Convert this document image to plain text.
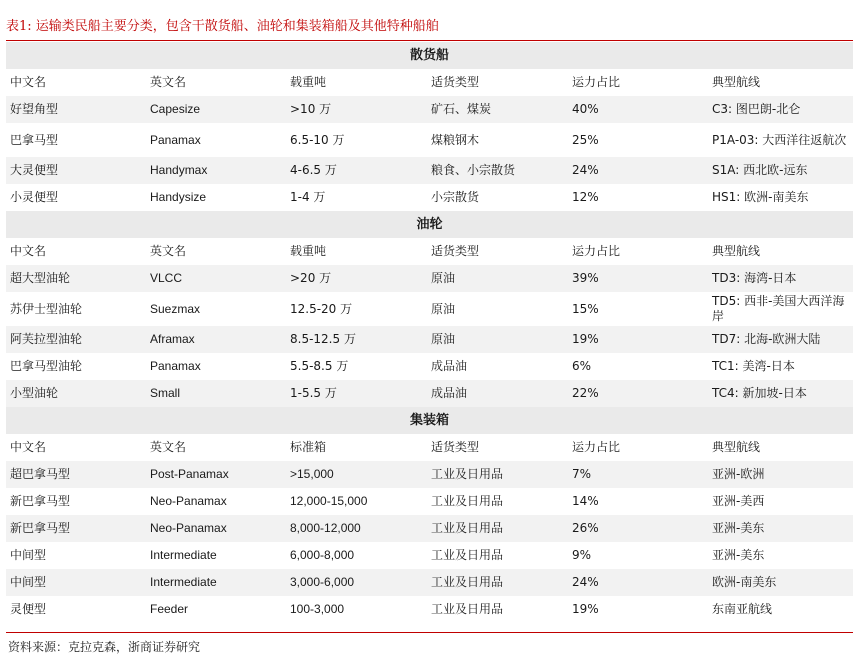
表1: 运输类民船主要分类，包含干散货船、油轮和集装箱船及其他特种船舶
散货船					
中文名	英文名	载重吨	适货类型	运力占比	典型航线
好望角型	Capesize	>10 万	矿石、煤炭	40%	C3: 图巴朗-北仑
巴拿马型	Panamax	6.5-10 万	煤粮钢木	25%	P1A-03: 大西洋往返航次
大灵便型	Handymax	4-6.5 万	粮食、小宗散货	24%	S1A: 西北欧-远东
小灵便型	Handysize	1-4 万	小宗散货	12%	HS1: 欧洲-南美东
油轮					
中文名	英文名	载重吨	适货类型	运力占比	典型航线
超大型油轮	VLCC	>20 万	原油	39%	TD3: 海湾-日本
苏伊士型油轮	Suezmax	12.5-20 万	原油	15%	TD5: 西非-美国大西洋海岸
阿芙拉型油轮	Aframax	8.5-12.5 万	原油	19%	TD7: 北海-欧洲大陆
巴拿马型油轮	Panamax	5.5-8.5 万	成品油	6%	TC1: 美湾-日本
小型油轮	Small	1-5.5 万	成品油	22%	TC4: 新加坡-日本
集装箱					
中文名	英文名	标准箱	适货类型	运力占比	典型航线
超巴拿马型	Post-Panamax	>15,000	工业及日用品	7%	亚洲-欧洲
新巴拿马型	Neo-Panamax	12,000-15,000	工业及日用品	14%	亚洲-美西
新巴拿马型	Neo-Panamax	8,000-12,000	工业及日用品	26%	亚洲-美东
中间型	Intermediate	6,000-8,000	工业及日用品	9%	亚洲-美东
中间型	Intermediate	3,000-6,000	工业及日用品	24%	欧洲-南美东
灵便型	Feeder	100-3,000	工业及日用品	19%	东南亚航线
资料来源：克拉克森，浙商证券研究
